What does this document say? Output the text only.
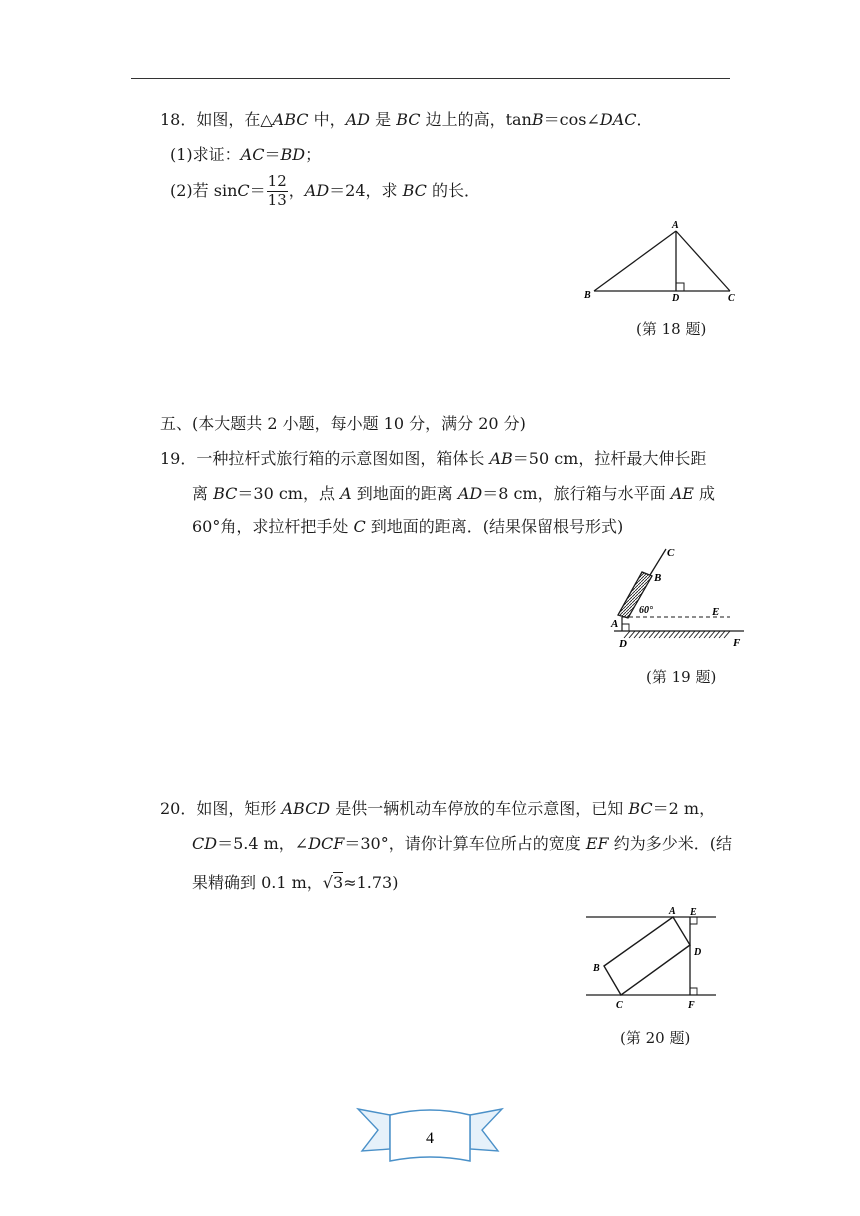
18．如图，在△ABC 中，AD 是 BC 边上的高，tanB＝cos∠DAC．
(1)求证：AC＝BD；
(2)若 $\sin C= \frac{12}{13}$ ，AD＝24，求 BC 的长．
A
B	D	C
(第 18 题)
五、(本大题共 2 小题，每小题 10 分，满分 20 分)
19．一种拉杆式旅行箱的示意图如图，箱体长 AB＝50 cm，拉杆最大伸长距
离 BC＝30 cm，点 A 到地面的距离 AD＝8 cm，旅行箱与水平面 AE 成
60°角，求拉杆把手处 C 到地面的距离．(结果保留根号形式)
C
B
60°	E
A
D	F
(第 19 题)
20．如图，矩形 ABCD 是供一辆机动车停放的车位示意图，已知 BC＝2 m，
CD＝5.4 m，∠DCF＝30°，请你计算车位所占的宽度 EF 约为多少米．(结
果精确到 0.1 m，√3≈1.73)
A E
D
B
C	F
(第 20 题)
4
